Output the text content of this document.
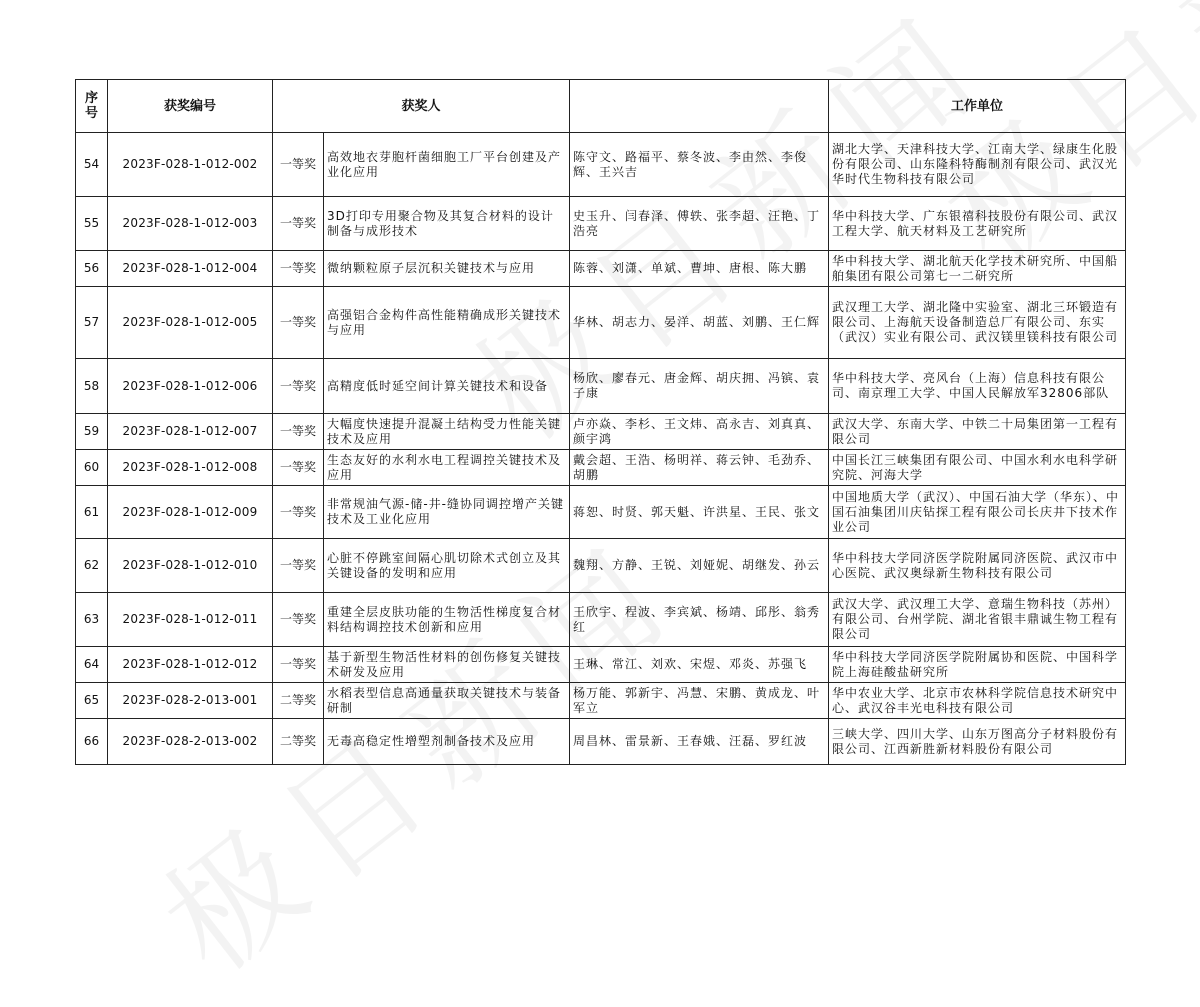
序号	获奖编号	获奖人			工作单位
54	2023F-028-1-012-002	一等奖	高效地衣芽胞杆菌细胞工厂平台创建及产业化应用	陈守文、路福平、蔡冬波、李由然、李俊辉、王兴吉	湖北大学、天津科技大学、江南大学、绿康生化股份有限公司、山东隆科特酶制剂有限公司、武汉光华时代生物科技有限公司
55	2023F-028-1-012-003	一等奖	3D打印专用聚合物及其复合材料的设计制备与成形技术	史玉升、闫春泽、傅轶、张李超、汪艳、丁浩亮	华中科技大学、广东银禧科技股份有限公司、武汉工程大学、航天材料及工艺研究所
56	2023F-028-1-012-004	一等奖	微纳颗粒原子层沉积关键技术与应用	陈蓉、刘潇、单斌、曹坤、唐根、陈大鹏	华中科技大学、湖北航天化学技术研究所、中国船舶集团有限公司第七一二研究所
57	2023F-028-1-012-005	一等奖	高强铝合金构件高性能精确成形关键技术与应用	华林、胡志力、晏洋、胡蓝、刘鹏、王仁辉	武汉理工大学、湖北隆中实验室、湖北三环锻造有限公司、上海航天设备制造总厂有限公司、东实（武汉）实业有限公司、武汉镁里镁科技有限公司
58	2023F-028-1-012-006	一等奖	高精度低时延空间计算关键技术和设备	杨欣、廖春元、唐金辉、胡庆拥、冯镔、袁子康	华中科技大学、亮风台（上海）信息科技有限公司、南京理工大学、中国人民解放军32806部队
59	2023F-028-1-012-007	一等奖	大幅度快速提升混凝土结构受力性能关键技术及应用	卢亦焱、李杉、王文炜、高永吉、刘真真、颜宇鸿	武汉大学、东南大学、中铁二十局集团第一工程有限公司
60	2023F-028-1-012-008	一等奖	生态友好的水利水电工程调控关键技术及应用	戴会超、王浩、杨明祥、蒋云钟、毛劲乔、胡鹏	中国长江三峡集团有限公司、中国水利水电科学研究院、河海大学
61	2023F-028-1-012-009	一等奖	非常规油气源-储-井-缝协同调控增产关键技术及工业化应用	蒋恕、时贤、郭天魁、许洪星、王民、张文	中国地质大学（武汉）、中国石油大学（华东）、中国石油集团川庆钻探工程有限公司长庆井下技术作业公司
62	2023F-028-1-012-010	一等奖	心脏不停跳室间隔心肌切除术式创立及其关键设备的发明和应用	魏翔、方静、王锐、刘娅妮、胡继发、孙云	华中科技大学同济医学院附属同济医院、武汉市中心医院、武汉奥绿新生物科技有限公司
63	2023F-028-1-012-011	一等奖	重建全层皮肤功能的生物活性梯度复合材料结构调控技术创新和应用	王欣宇、程波、李宾斌、杨靖、邱彤、翁秀红	武汉大学、武汉理工大学、意瑞生物科技（苏州）有限公司、台州学院、湖北省银丰鼎诚生物工程有限公司
64	2023F-028-1-012-012	一等奖	基于新型生物活性材料的创伤修复关键技术研发及应用	王琳、常江、刘欢、宋煜、邓炎、苏强飞	华中科技大学同济医学院附属协和医院、中国科学院上海硅酸盐研究所
65	2023F-028-2-013-001	二等奖	水稻表型信息高通量获取关键技术与装备研制	杨万能、郭新宇、冯慧、宋鹏、黄成龙、叶军立	华中农业大学、北京市农林科学院信息技术研究中心、武汉谷丰光电科技有限公司
66	2023F-028-2-013-002	二等奖	无毒高稳定性增塑剂制备技术及应用	周昌林、雷景新、王春娥、汪磊、罗红波	三峡大学、四川大学、山东万图高分子材料股份有限公司、江西新胜新材料股份有限公司
